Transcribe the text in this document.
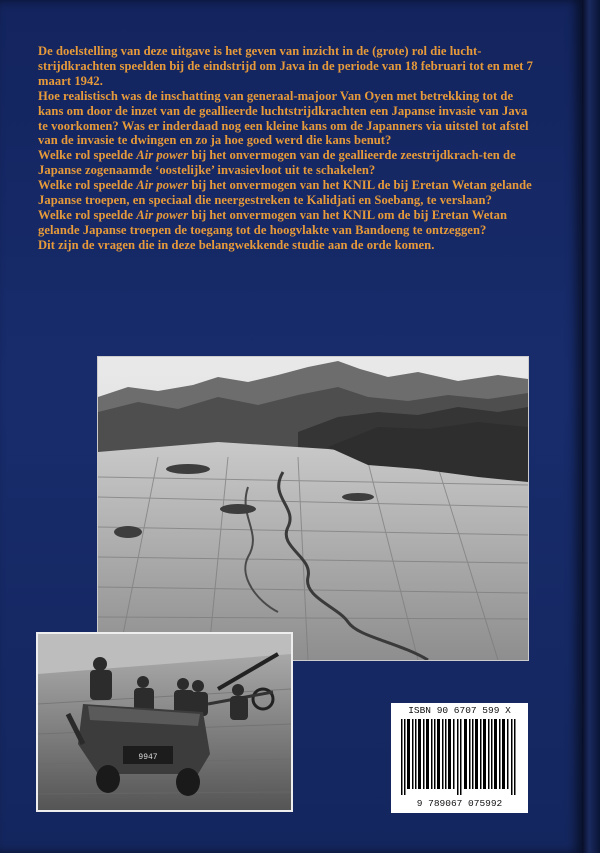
De doelstelling van deze uitgave is het geven van inzicht in de (grote) rol die lucht-strijdkrachten speelden bij de eindstrijd om Java in de periode van 18 februari tot en met 7 maart 1942.

Hoe realistisch was de inschatting van generaal-majoor Van Oyen met betrekking tot de kans om door de inzet van de geallieerde luchtstrijdkrachten een Japanse invasie van Java te voorkomen? Was er inderdaad nog een kleine kans om de Japanners via uitstel tot afstel van de invasie te dwingen en zo ja hoe goed werd die kans benut?

Welke rol speelde Air power bij het onvermogen van de geallieerde zeestrijdkrach-ten de Japanse zogenaamde ‘oostelijke’ invasievloot uit te schakelen?

Welke rol speelde Air power bij het onvermogen van het KNIL de bij Eretan Wetan gelande Japanse troepen, en speciaal die neergestreken te Kalidjati en Soebang, te verslaan?

Welke rol speelde Air power bij het onvermogen van het KNIL om de bij Eretan Wetan gelande Japanse troepen de toegang tot de hoogvlakte van Bandoeng te ontzeggen?

Dit zijn de vragen die in deze belangwekkende studie aan de orde komen.

9947
ISBN 90 6707 599 X
9 789067 075992
